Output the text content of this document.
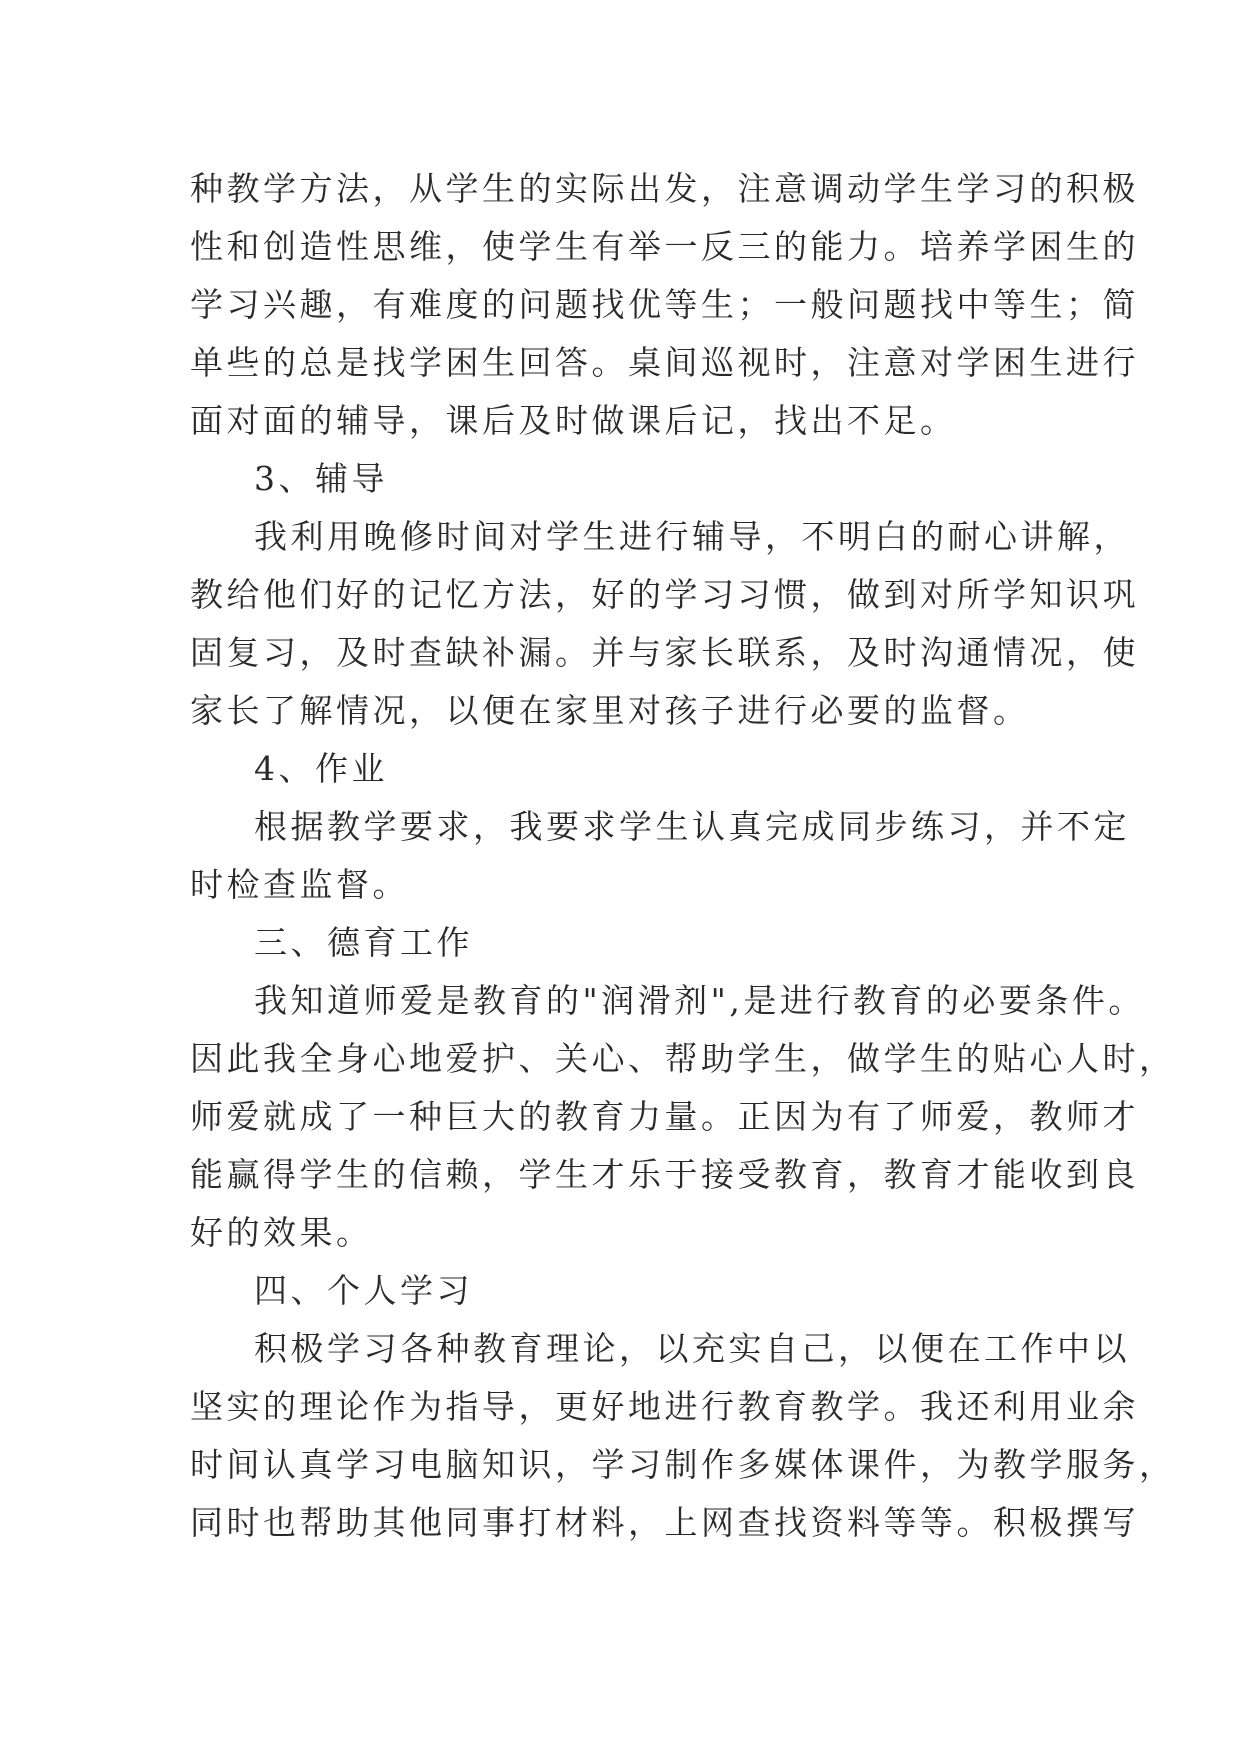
种教学方法，从学生的实际出发，注意调动学生学习的积极
性和创造性思维，使学生有举一反三的能力。培养学困生的
学习兴趣，有难度的问题找优等生；一般问题找中等生；简
单些的总是找学困生回答。桌间巡视时，注意对学困生进行
面对面的辅导，课后及时做课后记，找出不足。
3、辅导
我利用晚修时间对学生进行辅导，不明白的耐心讲解，
教给他们好的记忆方法，好的学习习惯，做到对所学知识巩
固复习，及时查缺补漏。并与家长联系，及时沟通情况，使
家长了解情况，以便在家里对孩子进行必要的监督。
4、作业
根据教学要求，我要求学生认真完成同步练习，并不定
时检查监督。
三、德育工作
我知道师爱是教育的"润滑剂",是进行教育的必要条件。
因此我全身心地爱护、关心、帮助学生，做学生的贴心人时，
师爱就成了一种巨大的教育力量。正因为有了师爱，教师才
能赢得学生的信赖，学生才乐于接受教育，教育才能收到良
好的效果。
四、个人学习
积极学习各种教育理论，以充实自己，以便在工作中以
坚实的理论作为指导，更好地进行教育教学。我还利用业余
时间认真学习电脑知识，学习制作多媒体课件，为教学服务，
同时也帮助其他同事打材料，上网查找资料等等。积极撰写
